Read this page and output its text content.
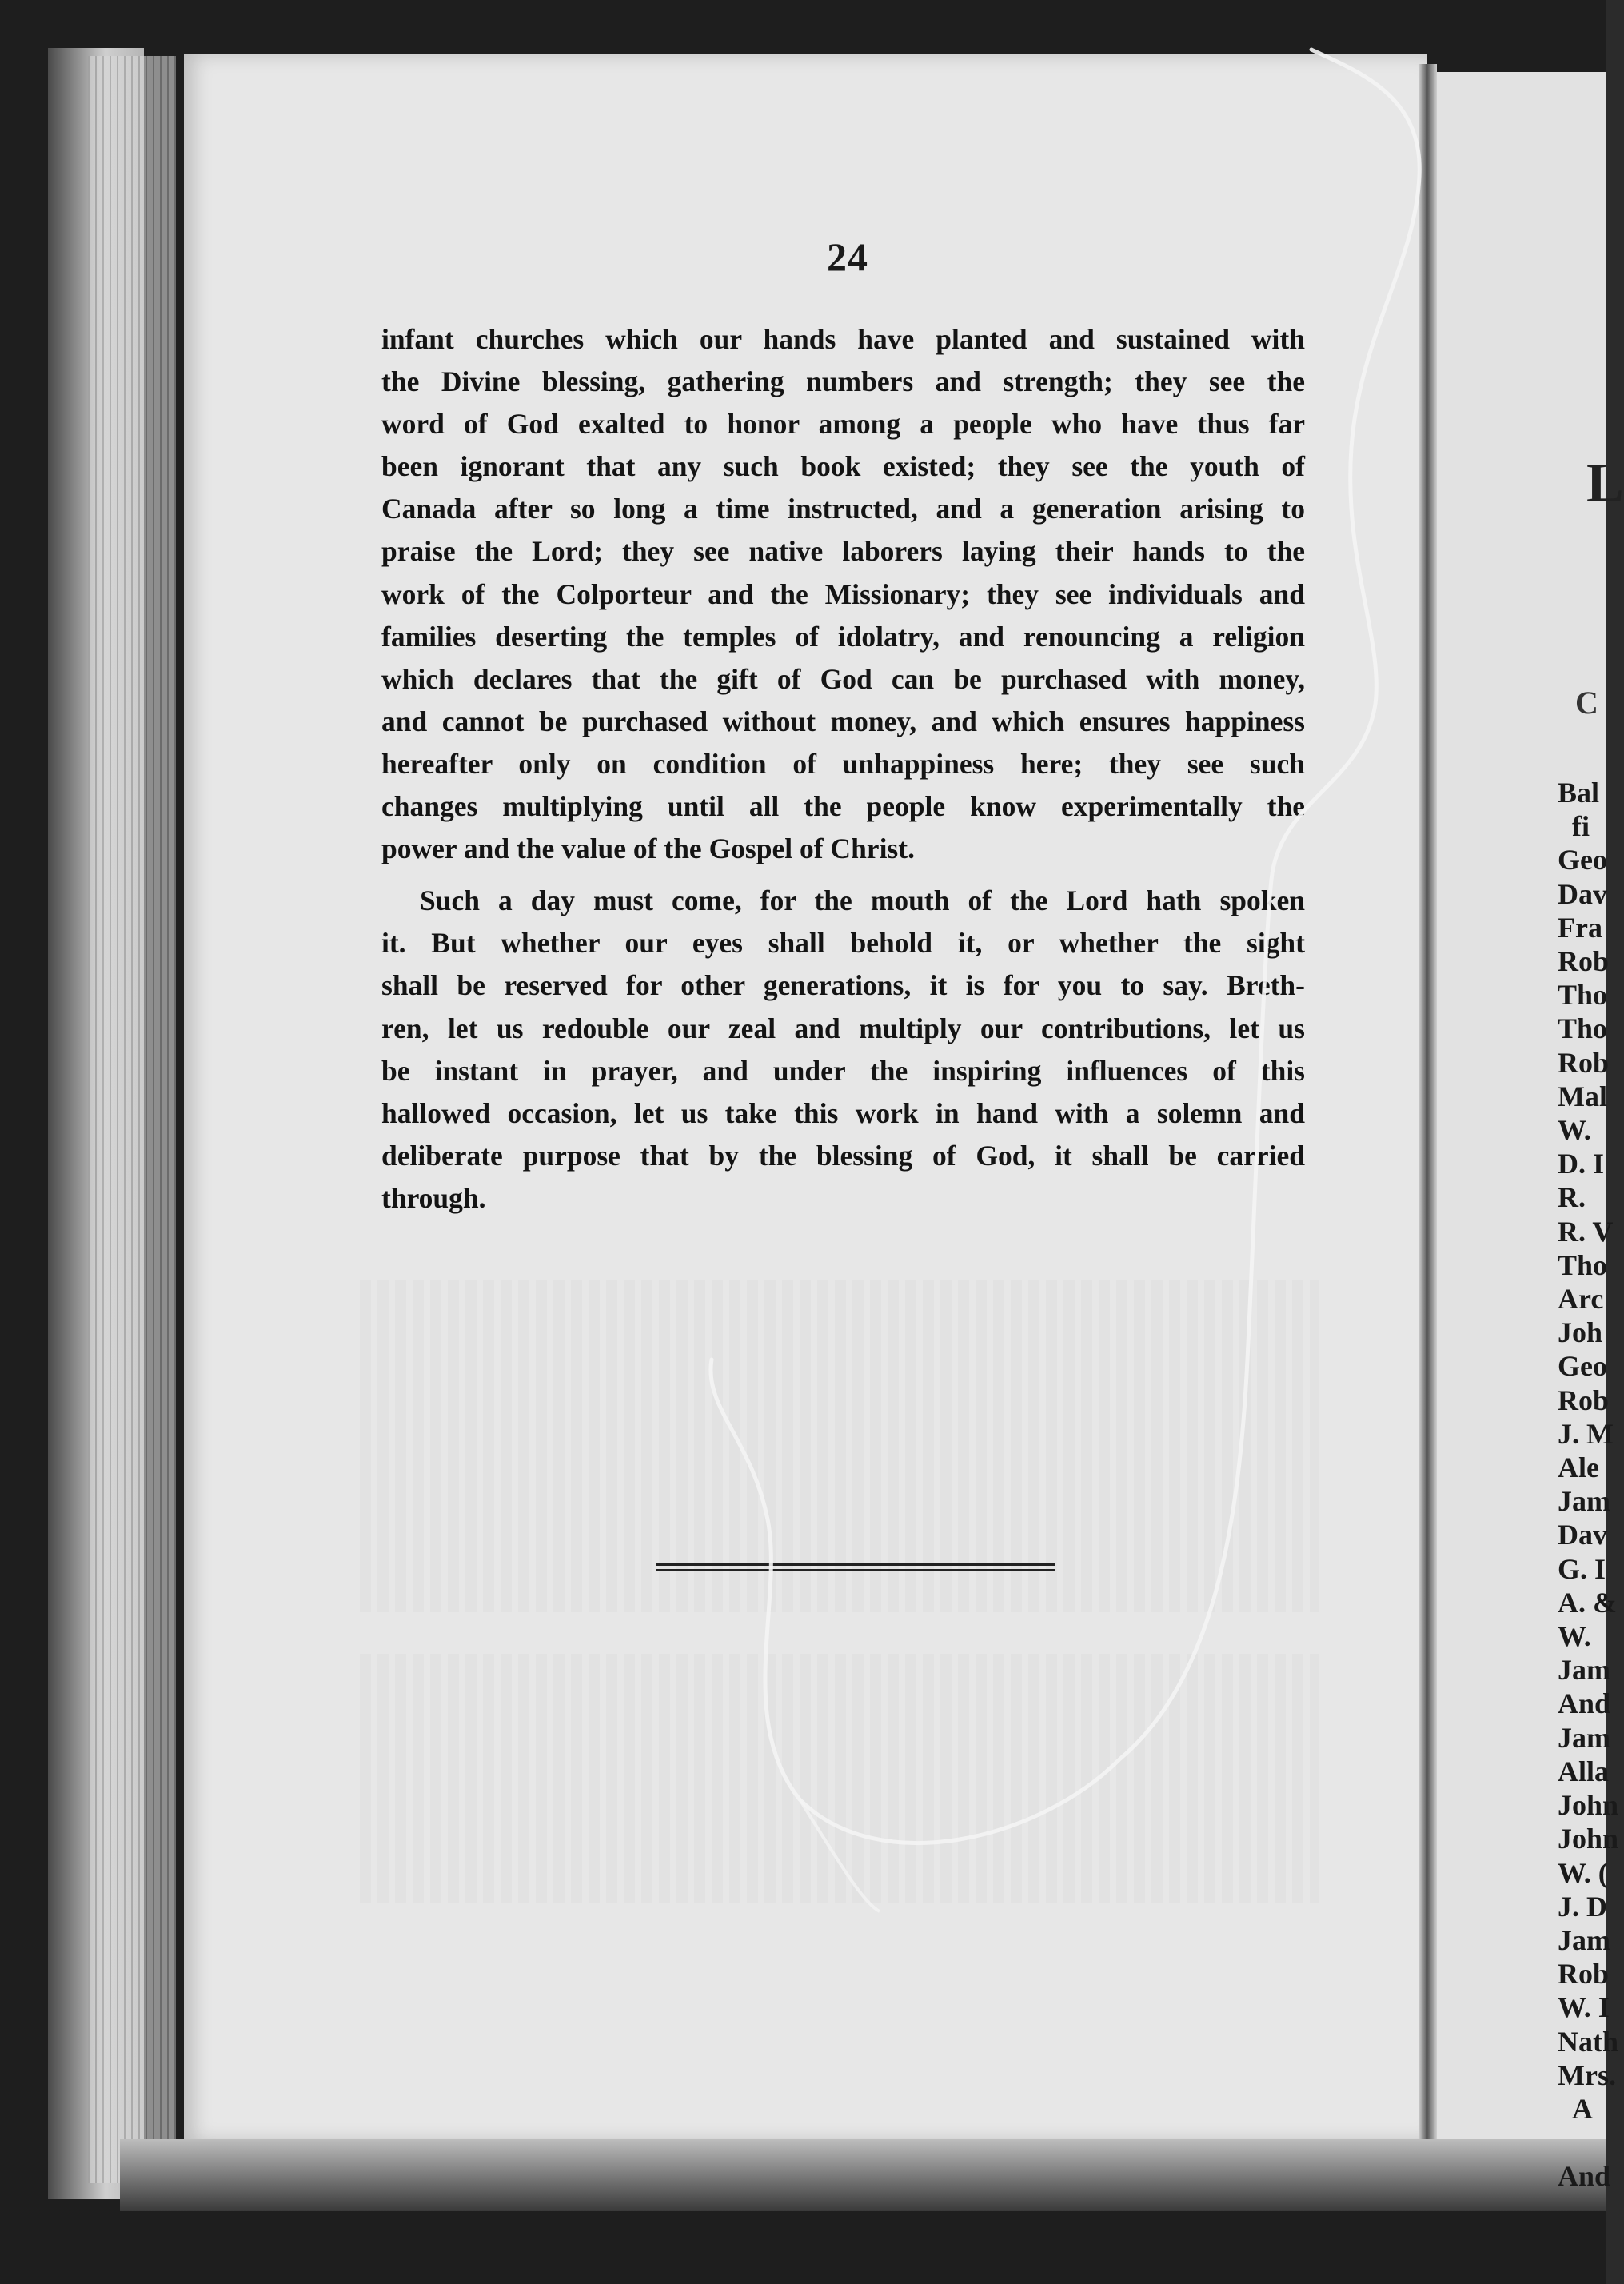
24
infant churches which our hands have planted and sustained with
the Divine blessing, gathering numbers and strength; they see the
word of God exalted to honor among a people who have thus far
been ignorant that any such book existed; they see the youth of
Canada after so long a time instructed, and a generation arising to
praise the Lord; they see native laborers laying their hands to the
work of the Colporteur and the Missionary; they see individuals and
families deserting the temples of idolatry, and renouncing a religion
which declares that the gift of God can be purchased with money,
and cannot be purchased without money, and which ensures happiness
hereafter only on condition of unhappiness here; they see such
changes multiplying until all the people know experimentally the
power and the value of the Gospel of Christ.
Such a day must come, for the mouth of the Lord hath spoken
it. But whether our eyes shall behold it, or whether the sight
shall be reserved for other generations, it is for you to say. Breth-
ren, let us redouble our zeal and multiply our contributions, let us
be instant in prayer, and under the inspiring influences of this
hallowed occasion, let us take this work in hand with a solemn and
deliberate purpose that by the blessing of God, it shall be carried
through.
L
C
Bal
fi
Geo
Dav
Fra
Rob
Tho
Tho
Rob
Mal
W.
D. I
R.
R. V
Tho
Arc
Joh
Geo
Rob
J. M
Ale
Jam
Dav
G. I
A. &
W.
Jam
And
Jam
Alla
John
John
W. (
J. D
Jam
Rob
W. I
Nath
Mrs.
A

And
